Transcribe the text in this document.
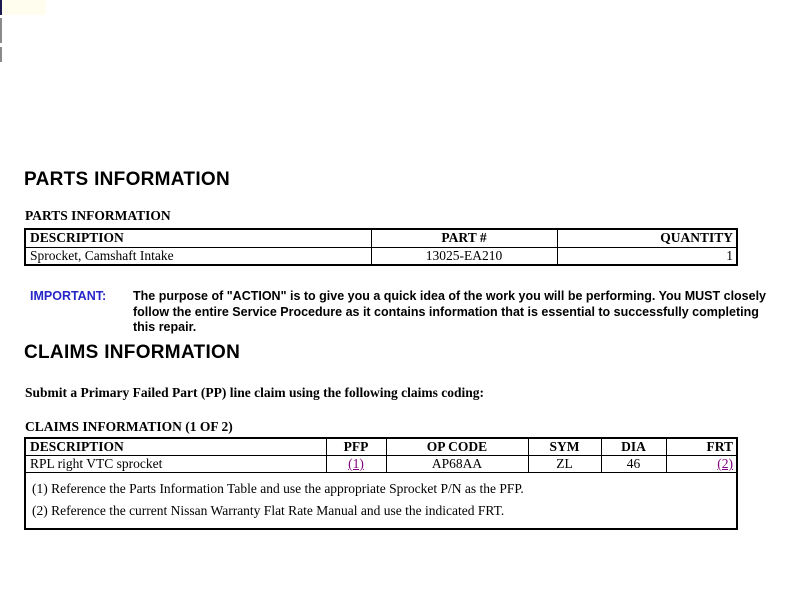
PARTS INFORMATION
PARTS INFORMATION
DESCRIPTION	PART #	QUANTITY
Sprocket, Camshaft Intake	13025-EA210	1
IMPORTANT: The purpose of "ACTION" is to give you a quick idea of the work you will be performing. You MUST closely follow the entire Service Procedure as it contains information that is essential to successfully completing this repair.
CLAIMS INFORMATION
Submit a Primary Failed Part (PP) line claim using the following claims coding:
CLAIMS INFORMATION (1 OF 2)
DESCRIPTION	PFP	OP CODE	SYM	DIA	FRT
RPL right VTC sprocket	(1)	AP68AA	ZL	46	(2)

(1) Reference the Parts Information Table and use the appropriate Sprocket P/N as the PFP.
(2) Reference the current Nissan Warranty Flat Rate Manual and use the indicated FRT.					
